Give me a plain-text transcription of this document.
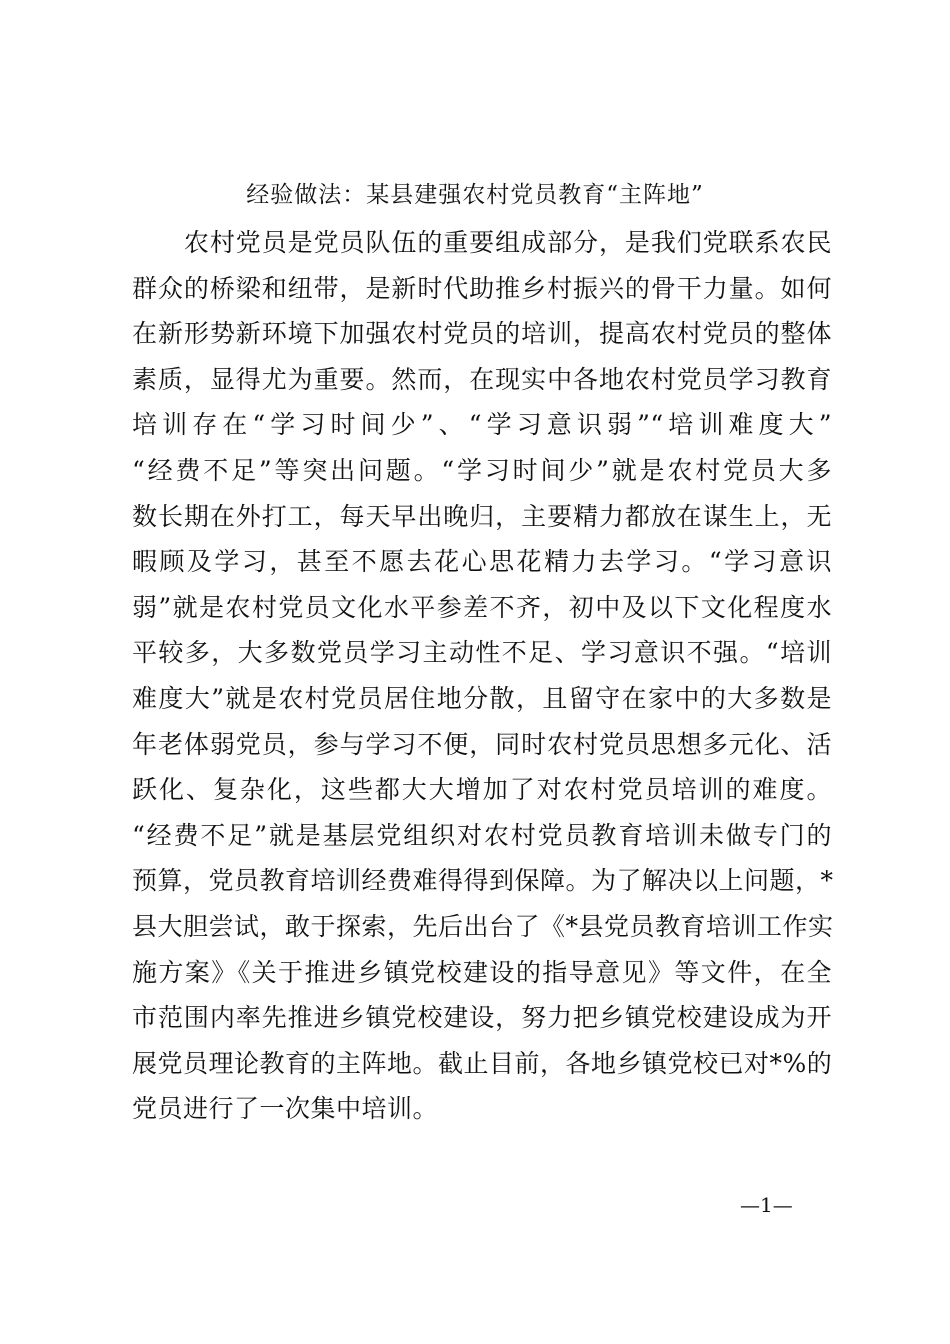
经验做法：某县建强农村党员教育“主阵地”
　　农村党员是党员队伍的重要组成部分，是我们党联系农民
群众的桥梁和纽带，是新时代助推乡村振兴的骨干力量。如何
在新形势新环境下加强农村党员的培训，提高农村党员的整体
素质，显得尤为重要。然而，在现实中各地农村党员学习教育
培训存在“学习时间少”、“学习意识弱”“培训难度大”
“经费不足”等突出问题。“学习时间少”就是农村党员大多
数长期在外打工，每天早出晚归，主要精力都放在谋生上，无
暇顾及学习，甚至不愿去花心思花精力去学习。“学习意识
弱”就是农村党员文化水平参差不齐，初中及以下文化程度水
平较多，大多数党员学习主动性不足、学习意识不强。“培训
难度大”就是农村党员居住地分散，且留守在家中的大多数是
年老体弱党员，参与学习不便，同时农村党员思想多元化、活
跃化、复杂化，这些都大大增加了对农村党员培训的难度。
“经费不足”就是基层党组织对农村党员教育培训未做专门的
预算，党员教育培训经费难得得到保障。为了解决以上问题，*
县大胆尝试，敢于探索，先后出台了《*县党员教育培训工作实
施方案》《关于推进乡镇党校建设的指导意见》等文件，在全
市范围内率先推进乡镇党校建设，努力把乡镇党校建设成为开
展党员理论教育的主阵地。截止目前，各地乡镇党校已对*%的
党员进行了一次集中培训。
—1—
